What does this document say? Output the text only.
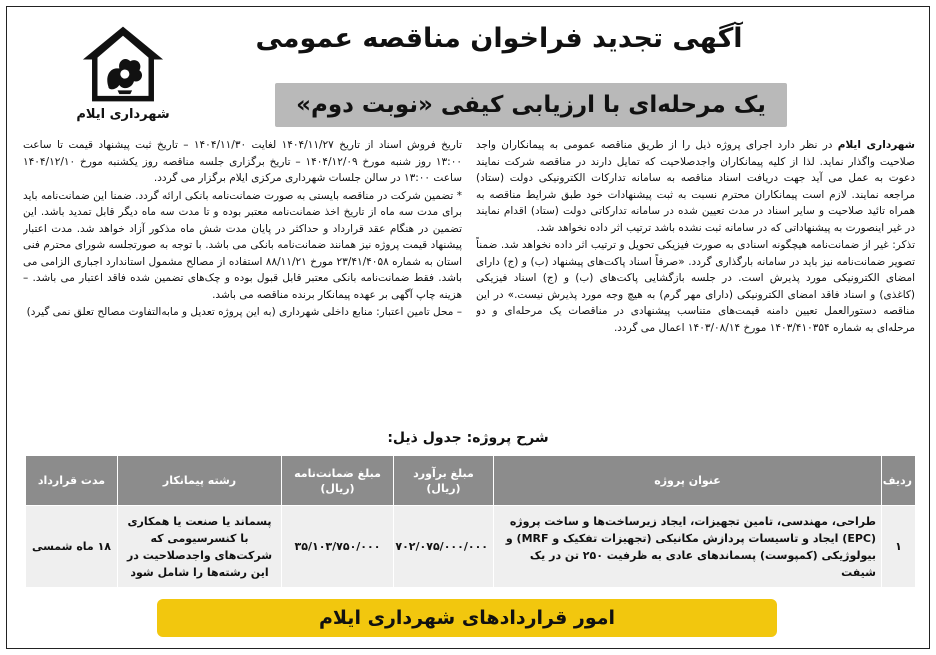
شهرداری ایلام
آگهی تجدید فراخوان مناقصه عمومی
یک مرحله‌ای با ارزیابی کیفی «نوبت دوم»

شهرداری ایلام در نظر دارد اجرای پروژه ذیل را از طریق مناقصه عمومی به پیمانکاران واجد صلاحیت واگذار نماید. لذا از کلیه پیمانکاران واجدصلاحیت که تمایل دارند در مناقصه شرکت نمایند دعوت به عمل می آید جهت دریافت اسناد مناقصه به سامانه تدارکات الکترونیکی دولت (ستاد) مراجعه نمایند. لازم است پیمانکاران محترم نسبت به ثبت پیشنهادات خود طبق شرایط مناقصه به همراه تائید صلاحیت و سایر اسناد در مدت تعیین شده در سامانه تدارکاتی دولت (ستاد) اقدام نمایند در غیر اینصورت به پیشنهاداتی که در سامانه ثبت نشده باشد ترتیب اثر داده نخواهد شد.

تذکر: غیر از ضمانت‌نامه هیچگونه اسنادی به صورت فیزیکی تحویل و ترتیب اثر داده نخواهد شد. ضمناً تصویر ضمانت‌نامه نیز باید در سامانه بارگذاری گردد. «صرفاً اسناد پاکت‌های پیشنهاد (ب) و (ج) دارای امضای الکترونیکی مورد پذیرش است. در جلسه بازگشایی پاکت‌های (ب) و (ج) اسناد فیزیکی (کاغذی) و اسناد فاقد امضای الکترونیکی (دارای مهر گرم) به هیچ وجه مورد پذیرش نیست.» در این مناقصه دستورالعمل تعیین دامنه قیمت‌های متناسب پیشنهادی در مناقصات یک مرحله‌ای و دو مرحله‌ای به شماره ۱۴۰۳/۴۱۰۳۵۴ مورخ ۱۴۰۳/۰۸/۱۴ اعمال می گردد.

تاریخ فروش اسناد از تاریخ ۱۴۰۴/۱۱/۲۷ لغایت ۱۴۰۴/۱۱/۳۰ – تاریخ ثبت پیشنهاد قیمت تا ساعت ۱۳:۰۰ روز شنبه مورخ ۱۴۰۴/۱۲/۰۹ – تاریخ برگزاری جلسه مناقصه روز یکشنبه مورخ ۱۴۰۴/۱۲/۱۰ ساعت ۱۳:۰۰ در سالن جلسات شهرداری مرکزی ایلام برگزار می گردد.

* تضمین شرکت در مناقصه بایستی به صورت ضمانت‌نامه بانکی ارائه گردد. ضمنا این ضمانت‌نامه باید برای مدت سه ماه از تاریخ اخذ ضمانت‌نامه معتبر بوده و تا مدت سه ماه دیگر قابل تمدید باشد. این تضمین در هنگام عقد قرارداد و حداکثر در پایان مدت شش ماه مذکور آزاد خواهد شد. مدت اعتبار پیشنهاد قیمت پروژه نیز همانند ضمانت‌نامه بانکی می باشد. با توجه به صورتجلسه شورای محترم فنی استان به شماره ۲۳/۴۱/۴۰۵۸ مورخ ۸۸/۱۱/۲۱ استفاده از مصالح مشمول استاندارد اجباری الزامی می باشد. فقط ضمانت‌نامه بانکی معتبر قابل قبول بوده و چک‌های تضمین شده فاقد اعتبار می باشد. – هزینه چاپ آگهی بر عهده پیمانکار برنده مناقصه می باشد.

– محل تامین اعتبار: منابع داخلی شهرداری (به این پروژه تعدیل و مابه‌التفاوت مصالح تعلق نمی گیرد)

شرح پروژه: جدول ذیل:
ردیف	عنوان پروژه	مبلغ برآورد (ریال)	مبلغ ضمانت‌نامه (ریال)	رشته پیمانکار	مدت قرارداد
۱	طراحی، مهندسی، تامین تجهیزات، ایجاد زیرساخت‌ها و ساخت پروژه (EPC) ایجاد و تاسیسات پردازش مکانیکی (تجهیزات تفکیک و MRF) و بیولوژیکی (کمپوست) پسماندهای عادی به ظرفیت ۲۵۰ تن در یک شیفت	۷۰۲/۰۷۵/۰۰۰/۰۰۰	۳۵/۱۰۳/۷۵۰/۰۰۰	پسماند یا صنعت یا همکاری با کنسرسیومی که شرکت‌های واجدصلاحیت در این رشته‌ها را شامل شود	۱۸ ماه شمسی
امور قراردادهای شهرداری ایلام
